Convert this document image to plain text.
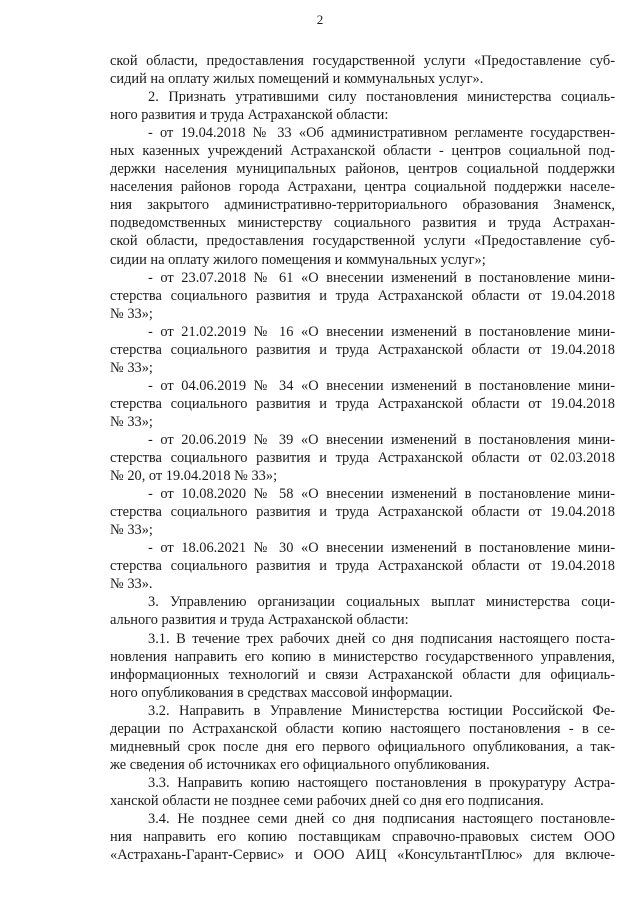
2
ской области, предоставления государственной услуги «Предоставление суб-
сидий на оплату жилых помещений и коммунальных услуг».
2. Признать утратившими силу постановления министерства социаль-
ного развития и труда Астраханской области:
- от 19.04.2018 № 33 «Об административном регламенте государствен-
ных казенных учреждений Астраханской области - центров социальной под-
держки населения муниципальных районов, центров социальной поддержки
населения районов города Астрахани, центра социальной поддержки населе-
ния закрытого административно-территориального образования Знаменск,
подведомственных министерству социального развития и труда Астрахан-
ской области, предоставления государственной услуги «Предоставление суб-
сидии на оплату жилого помещения и коммунальных услуг»;
- от 23.07.2018 № 61 «О внесении изменений в постановление мини-
стерства социального развития и труда Астраханской области от 19.04.2018
№ 33»;
- от 21.02.2019 № 16 «О внесении изменений в постановление мини-
стерства социального развития и труда Астраханской области от 19.04.2018
№ 33»;
- от 04.06.2019 № 34 «О внесении изменений в постановление мини-
стерства социального развития и труда Астраханской области от 19.04.2018
№ 33»;
- от 20.06.2019 № 39 «О внесении изменений в постановления мини-
стерства социального развития и труда Астраханской области от 02.03.2018
№ 20, от 19.04.2018 № 33»;
- от 10.08.2020 № 58 «О внесении изменений в постановление мини-
стерства социального развития и труда Астраханской области от 19.04.2018
№ 33»;
- от 18.06.2021 № 30 «О внесении изменений в постановление мини-
стерства социального развития и труда Астраханской области от 19.04.2018
№ 33».
3. Управлению организации социальных выплат министерства соци-
ального развития и труда Астраханской области:
3.1. В течение трех рабочих дней со дня подписания настоящего поста-
новления направить его копию в министерство государственного управления,
информационных технологий и связи Астраханской области для официаль-
ного опубликования в средствах массовой информации.
3.2. Направить в Управление Министерства юстиции Российской Фе-
дерации по Астраханской области копию настоящего постановления - в се-
мидневный срок после дня его первого официального опубликования, а так-
же сведения об источниках его официального опубликования.
3.3. Направить копию настоящего постановления в прокуратуру Астра-
ханской области не позднее семи рабочих дней со дня его подписания.
3.4. Не позднее семи дней со дня подписания настоящего постановле-
ния направить его копию поставщикам справочно-правовых систем ООО
«Астрахань-Гарант-Сервис» и ООО АИЦ «КонсультантПлюс» для включе-
